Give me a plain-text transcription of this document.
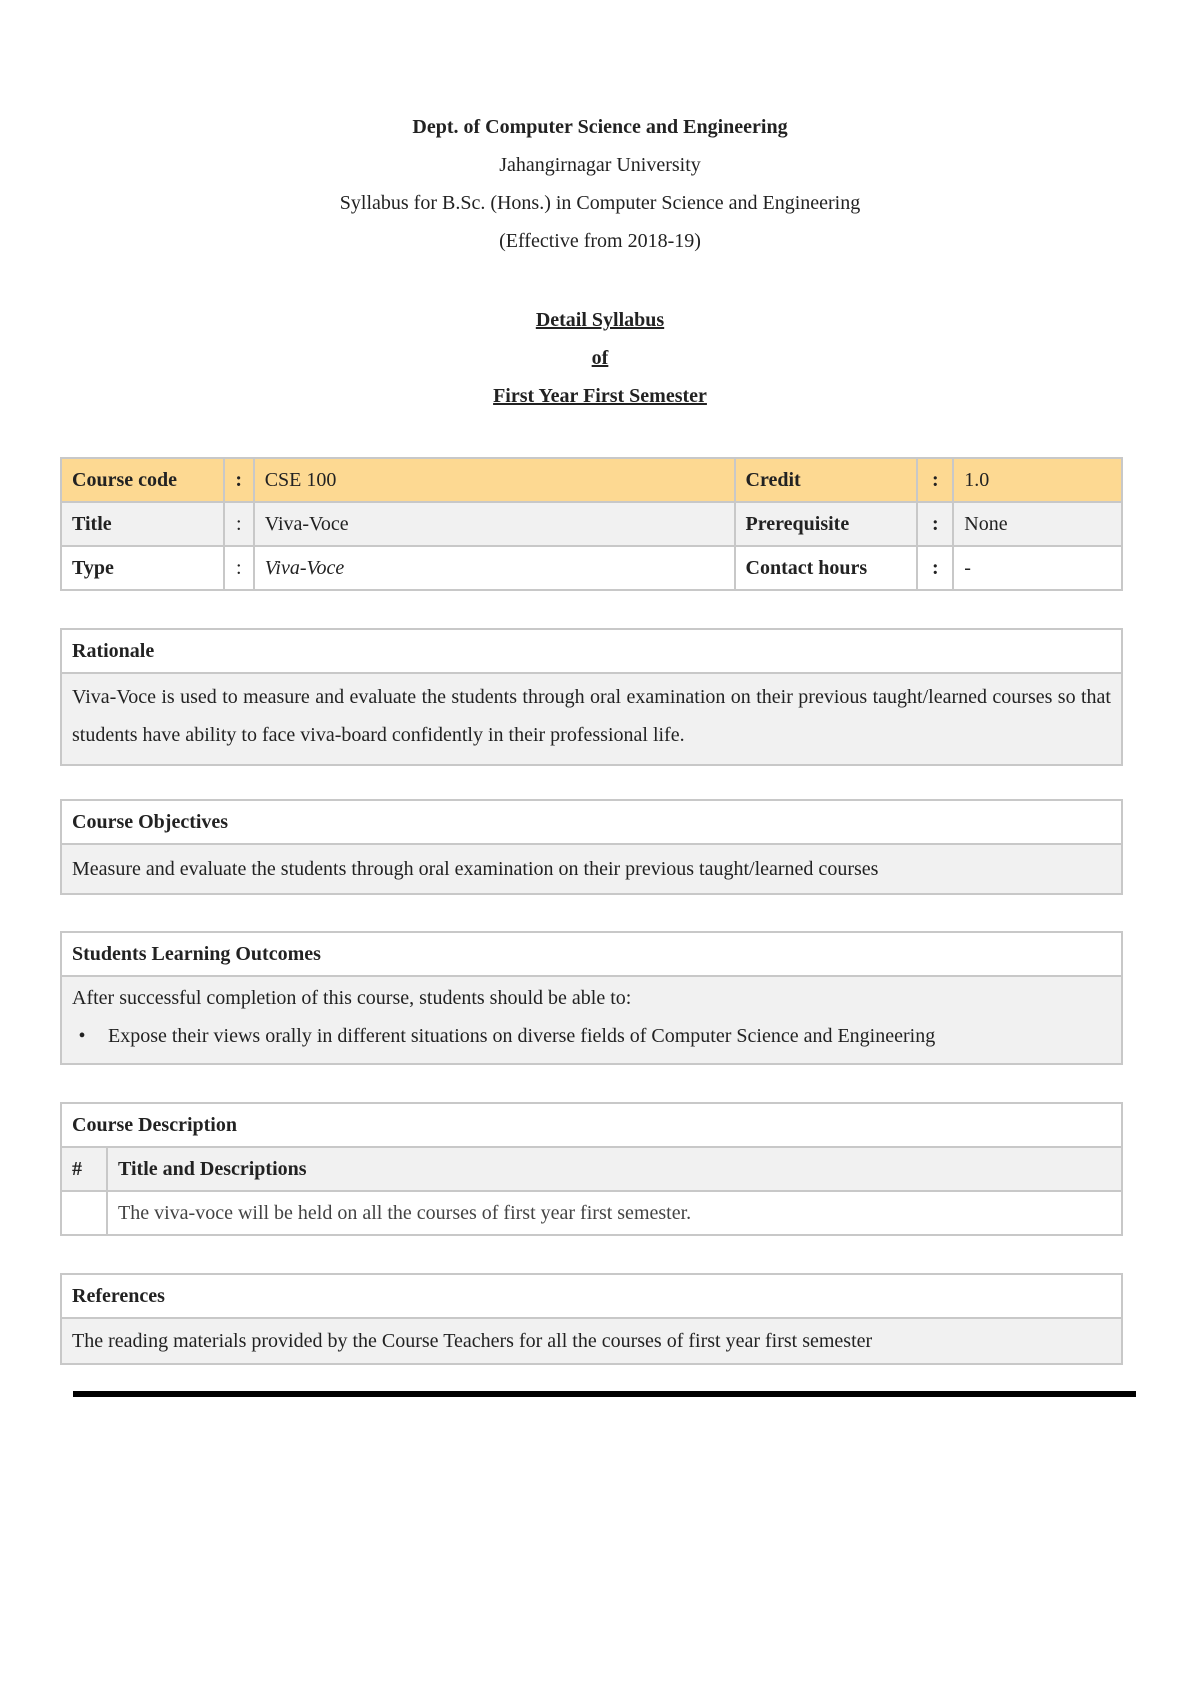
Dept. of Computer Science and Engineering
Jahangirnagar University
Syllabus for B.Sc. (Hons.) in Computer Science and Engineering
(Effective from 2018-19)
Detail Syllabus
of
First Year First Semester
Course code	:	CSE 100	Credit	:	1.0
Title	:	Viva-Voce	Prerequisite	:	None
Type	:	Viva-Voce	Contact hours	:	-
Rationale
Viva-Voce is used to measure and evaluate the students through oral examination on their previous taught/learned courses so that students have ability to face viva-board confidently in their professional life.
Course Objectives
Measure and evaluate the students through oral examination on their previous taught/learned courses
Students Learning Outcomes

After successful completion of this course, students should be able to:
•	Expose their views orally in different situations on diverse fields of Computer Science and Engineering
Course Description	
#	Title and Descriptions
	The viva-voce will be held on all the courses of first year first semester.
References
The reading materials provided by the Course Teachers for all the courses of first year first semester
